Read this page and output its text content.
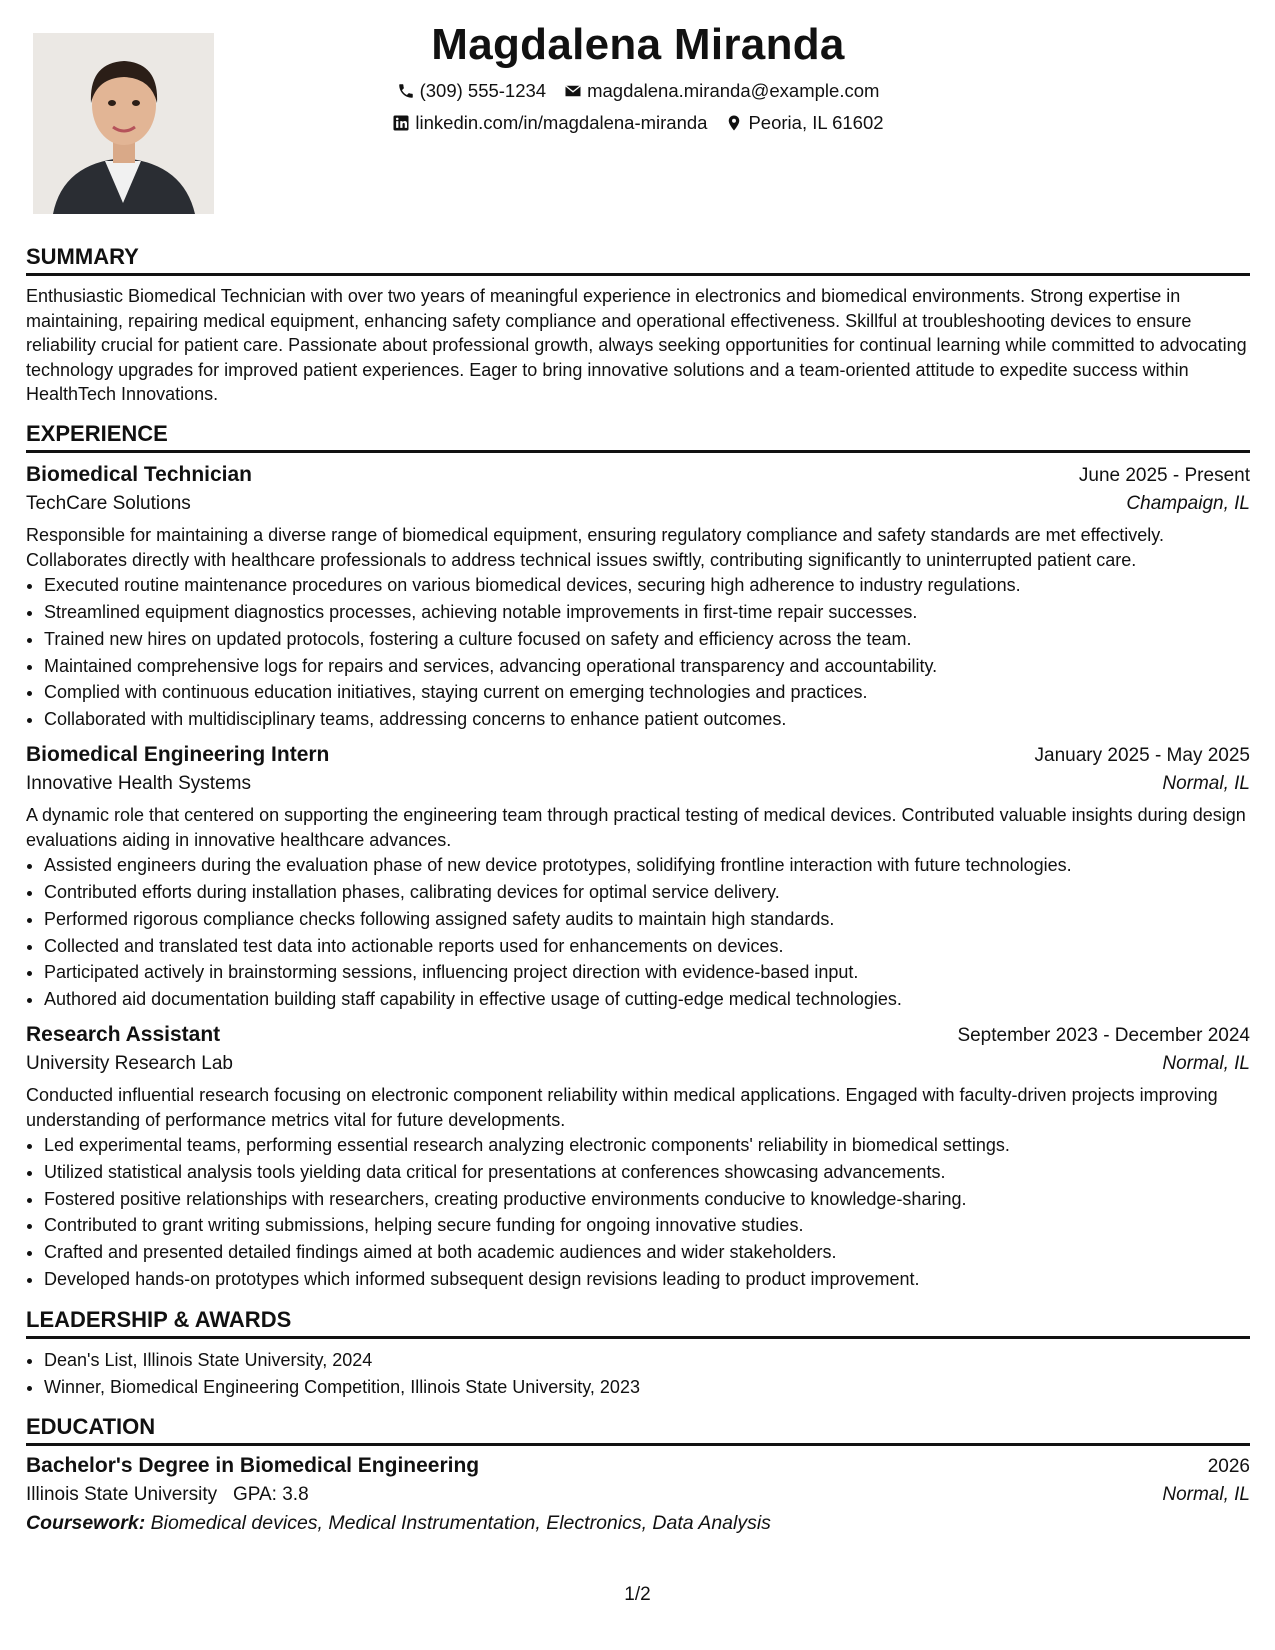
Magdalena Miranda
(309) 555-1234 magdalena.miranda@example.com
linkedin.com/in/magdalena-miranda Peoria, IL 61602
SUMMARY
Enthusiastic Biomedical Technician with over two years of meaningful experience in electronics and biomedical environments. Strong expertise in maintaining, repairing medical equipment, enhancing safety compliance and operational effectiveness. Skillful at troubleshooting devices to ensure reliability crucial for patient care. Passionate about professional growth, always seeking opportunities for continual learning while committed to advocating technology upgrades for improved patient experiences. Eager to bring innovative solutions and a team-oriented attitude to expedite success within HealthTech Innovations.
EXPERIENCE
Biomedical Technician	June 2025 - Present
TechCare Solutions	Champaign, IL
Responsible for maintaining a diverse range of biomedical equipment, ensuring regulatory compliance and safety standards are met effectively. Collaborates directly with healthcare professionals to address technical issues swiftly, contributing significantly to uninterrupted patient care.
• Executed routine maintenance procedures on various biomedical devices, securing high adherence to industry regulations.
• Streamlined equipment diagnostics processes, achieving notable improvements in first-time repair successes.
• Trained new hires on updated protocols, fostering a culture focused on safety and efficiency across the team.
• Maintained comprehensive logs for repairs and services, advancing operational transparency and accountability.
• Complied with continuous education initiatives, staying current on emerging technologies and practices.
• Collaborated with multidisciplinary teams, addressing concerns to enhance patient outcomes.
Biomedical Engineering Intern	January 2025 - May 2025
Innovative Health Systems	Normal, IL
A dynamic role that centered on supporting the engineering team through practical testing of medical devices. Contributed valuable insights during design evaluations aiding in innovative healthcare advances.
• Assisted engineers during the evaluation phase of new device prototypes, solidifying frontline interaction with future technologies.
• Contributed efforts during installation phases, calibrating devices for optimal service delivery.
• Performed rigorous compliance checks following assigned safety audits to maintain high standards.
• Collected and translated test data into actionable reports used for enhancements on devices.
• Participated actively in brainstorming sessions, influencing project direction with evidence-based input.
• Authored aid documentation building staff capability in effective usage of cutting-edge medical technologies.
Research Assistant	September 2023 - December 2024
University Research Lab	Normal, IL
Conducted influential research focusing on electronic component reliability within medical applications. Engaged with faculty-driven projects improving understanding of performance metrics vital for future developments.
• Led experimental teams, performing essential research analyzing electronic components' reliability in biomedical settings.
• Utilized statistical analysis tools yielding data critical for presentations at conferences showcasing advancements.
• Fostered positive relationships with researchers, creating productive environments conducive to knowledge-sharing.
• Contributed to grant writing submissions, helping secure funding for ongoing innovative studies.
• Crafted and presented detailed findings aimed at both academic audiences and wider stakeholders.
• Developed hands-on prototypes which informed subsequent design revisions leading to product improvement.
LEADERSHIP & AWARDS
• Dean's List, Illinois State University, 2024
• Winner, Biomedical Engineering Competition, Illinois State University, 2023
EDUCATION
Bachelor's Degree in Biomedical Engineering	2026
Illinois State University GPA: 3.8	Normal, IL
Coursework: Biomedical devices, Medical Instrumentation, Electronics, Data Analysis
1/2
